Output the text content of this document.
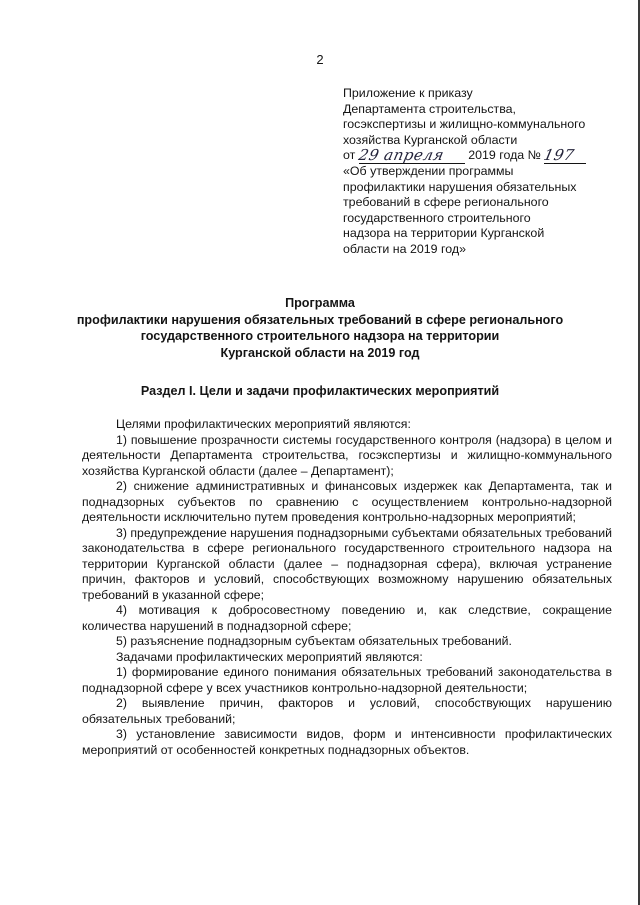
2
Приложение к приказу
Департамента строительства,
госэкспертизы и жилищно-коммунального
хозяйства Курганской области
от 29 апреля 2019 года № 197
«Об утверждении программы
профилактики нарушения обязательных
требований в сфере регионального
государственного строительного
надзора на территории Курганской
области на 2019 год»
Программа
профилактики нарушения обязательных требований в сфере регионального
государственного строительного надзора на территории
Курганской области на 2019 год
Раздел I. Цели и задачи профилактических мероприятий

Целями профилактических мероприятий являются:

1) повышение прозрачности системы государственного контроля (надзора) в целом и деятельности Департамента строительства, госэкспертизы и жилищно-коммунального хозяйства Курганской области (далее – Департамент);

2) снижение административных и финансовых издержек как Департамента, так и поднадзорных субъектов по сравнению с осуществлением контрольно-надзорной деятельности исключительно путем проведения контрольно-надзорных мероприятий;

3) предупреждение нарушения поднадзорными субъектами обязательных требований законодательства в сфере регионального государственного строительного надзора на территории Курганской области (далее – поднадзорная сфера), включая устранение причин, факторов и условий, способствующих возможному нарушению обязательных требований в указанной сфере;

4) мотивация к добросовестному поведению и, как следствие, сокращение количества нарушений в поднадзорной сфере;

5) разъяснение поднадзорным субъектам обязательных требований.

Задачами профилактических мероприятий являются:

1) формирование единого понимания обязательных требований законодательства в поднадзорной сфере у всех участников контрольно-надзорной деятельности;

2) выявление причин, факторов и условий, способствующих нарушению обязательных требований;

3) установление зависимости видов, форм и интенсивности профилактических мероприятий от особенностей конкретных поднадзорных объектов.
